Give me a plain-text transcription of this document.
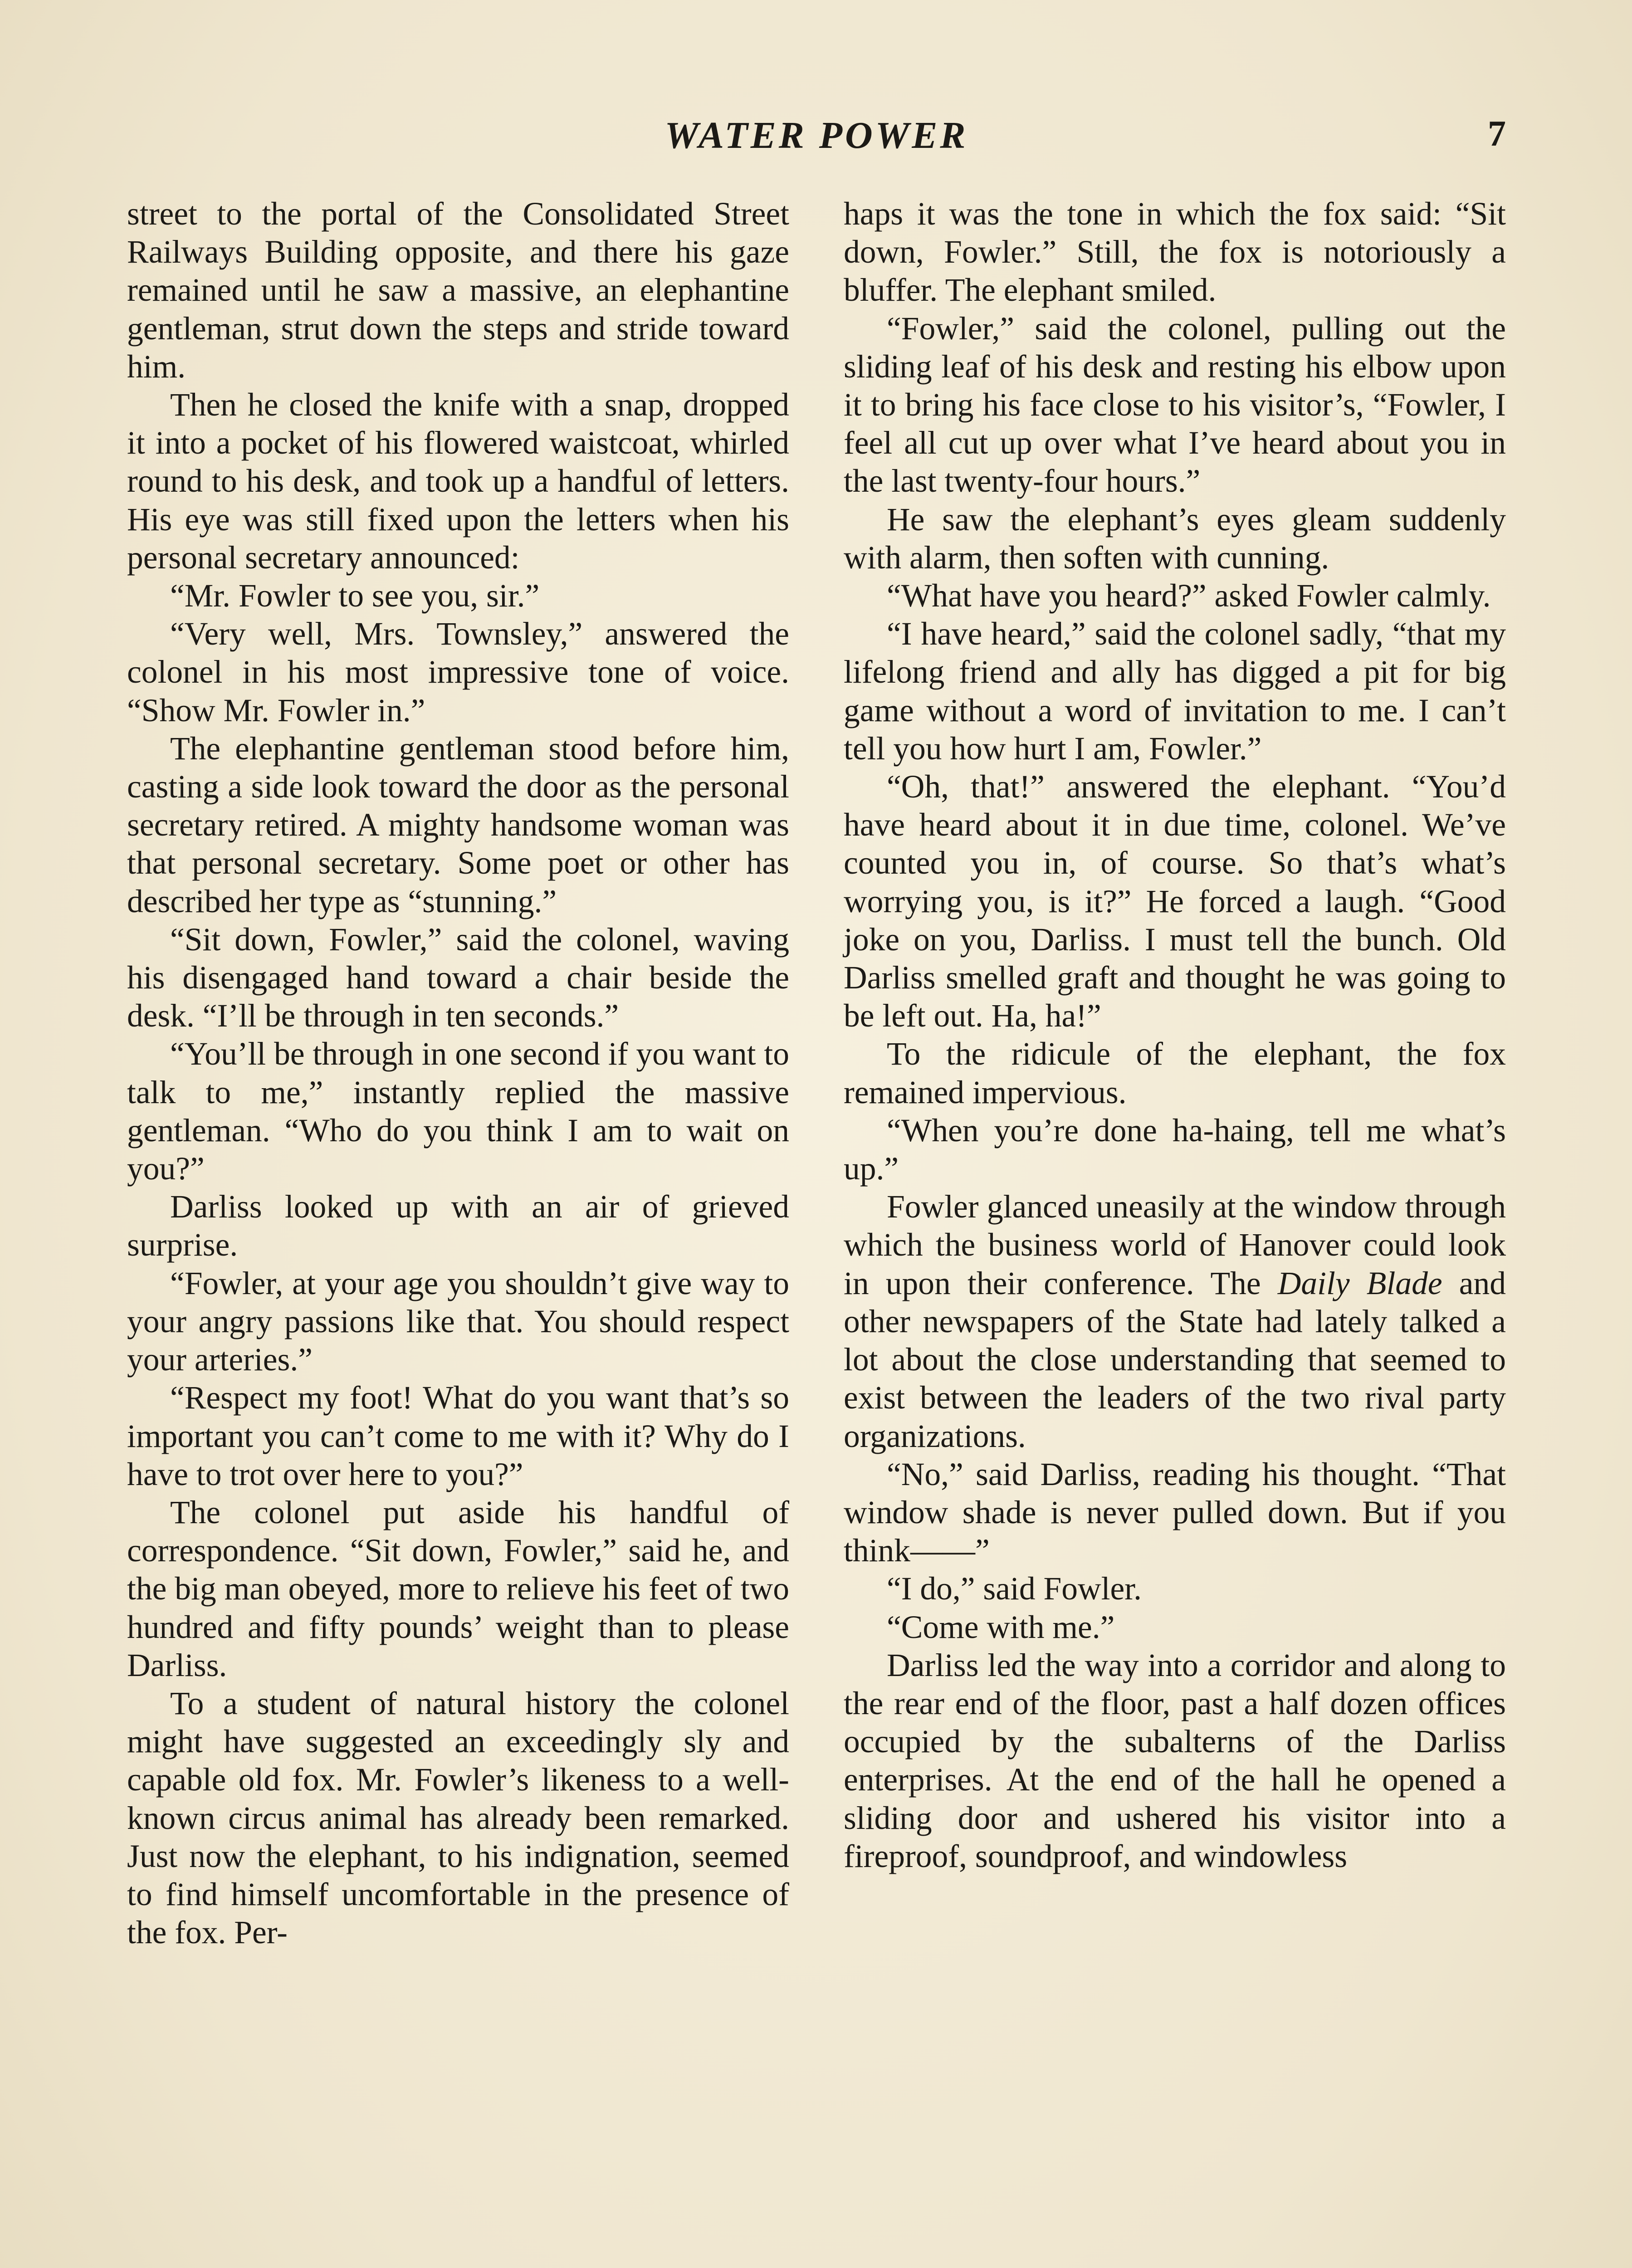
WATER POWER	7

street to the portal of the Consolidated Street Railways Building opposite, and there his gaze remained until he saw a massive, an elephantine gentleman, strut down the steps and stride toward him.

Then he closed the knife with a snap, dropped it into a pocket of his flowered waistcoat, whirled round to his desk, and took up a handful of letters. His eye was still fixed upon the letters when his personal secretary announced:

“Mr. Fowler to see you, sir.”

“Very well, Mrs. Townsley,” answered the colonel in his most impressive tone of voice. “Show Mr. Fowler in.”

The elephantine gentleman stood before him, casting a side look toward the door as the personal secretary retired. A mighty handsome woman was that personal secretary. Some poet or other has described her type as “stunning.”

“Sit down, Fowler,” said the colonel, waving his disengaged hand toward a chair beside the desk. “I’ll be through in ten seconds.”

“You’ll be through in one second if you want to talk to me,” instantly replied the massive gentleman. “Who do you think I am to wait on you?”

Darliss looked up with an air of grieved surprise.

“Fowler, at your age you shouldn’t give way to your angry passions like that. You should respect your arteries.”

“Respect my foot! What do you want that’s so important you can’t come to me with it? Why do I have to trot over here to you?”

The colonel put aside his handful of correspondence. “Sit down, Fowler,” said he, and the big man obeyed, more to relieve his feet of two hundred and fifty pounds’ weight than to please Darliss.

To a student of natural history the colonel might have suggested an exceedingly sly and capable old fox. Mr. Fowler’s likeness to a well-known circus animal has already been remarked. Just now the elephant, to his indignation, seemed to find himself uncomfortable in the presence of the fox. Per-

haps it was the tone in which the fox said: “Sit down, Fowler.” Still, the fox is notoriously a bluffer. The elephant smiled.

“Fowler,” said the colonel, pulling out the sliding leaf of his desk and resting his elbow upon it to bring his face close to his visitor’s, “Fowler, I feel all cut up over what I’ve heard about you in the last twenty-four hours.”

He saw the elephant’s eyes gleam suddenly with alarm, then soften with cunning.

“What have you heard?” asked Fowler calmly.

“I have heard,” said the colonel sadly, “that my lifelong friend and ally has digged a pit for big game without a word of invitation to me. I can’t tell you how hurt I am, Fowler.”

“Oh, that!” answered the elephant. “You’d have heard about it in due time, colonel. We’ve counted you in, of course. So that’s what’s worrying you, is it?” He forced a laugh. “Good joke on you, Darliss. I must tell the bunch. Old Darliss smelled graft and thought he was going to be left out. Ha, ha!”

To the ridicule of the elephant, the fox remained impervious.

“When you’re done ha-haing, tell me what’s up.”

Fowler glanced uneasily at the window through which the business world of Hanover could look in upon their conference. The Daily Blade and other newspapers of the State had lately talked a lot about the close understanding that seemed to exist between the leaders of the two rival party organizations.

“No,” said Darliss, reading his thought. “That window shade is never pulled down. But if you think——”

“I do,” said Fowler.

“Come with me.”

Darliss led the way into a corridor and along to the rear end of the floor, past a half dozen offices occupied by the subalterns of the Darliss enterprises. At the end of the hall he opened a sliding door and ushered his visitor into a fireproof, soundproof, and windowless
